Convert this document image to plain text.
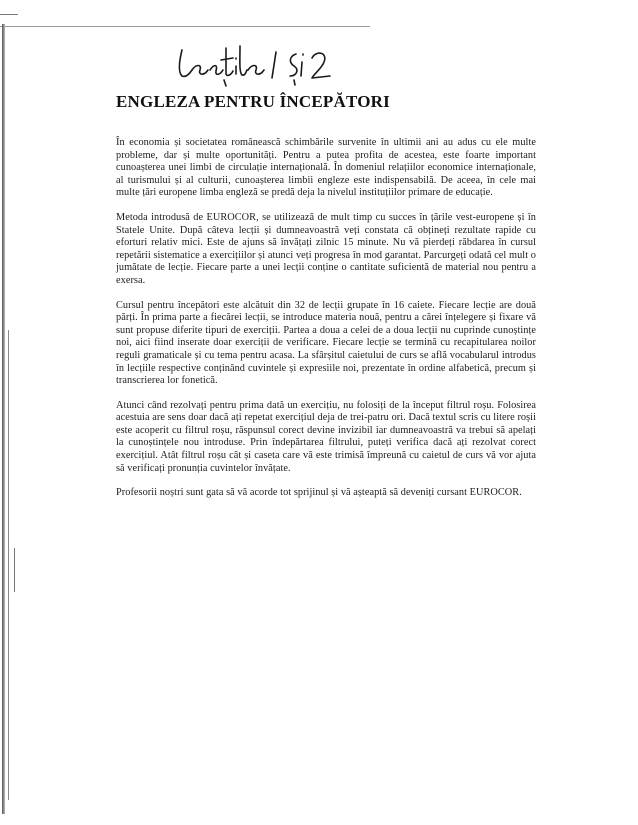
ENGLEZA PENTRU ÎNCEPĂTORI

În economia și societatea românească schimbările survenite în ultimii ani au adus cu ele multe probleme, dar și multe oportunități. Pentru a putea profita de acestea, este foarte important cunoașterea unei limbi de circulație internațională. În domeniul relațiilor economice internaționale, al turismului și al culturii, cunoașterea limbii engleze este indispensabilă. De aceea, în cele mai multe țări europene limba engleză se predă deja la nivelul instituțiilor primare de educație.

Metoda introdusă de EUROCOR, se utilizează de mult timp cu succes în țările vest-europene și în Statele Unite. După câteva lecții și dumneavoastră veți constata că obțineți rezultate rapide cu eforturi relativ mici. Este de ajuns să învățați zilnic 15 minute. Nu vă pierdeți răbdarea în cursul repetării sistematice a exercițiilor și atunci veți progresa în mod garantat. Parcurgeți odată cel mult o jumătate de lecție. Fiecare parte a unei lecții conține o cantitate suficientă de material nou pentru a exersa.

Cursul pentru începători este alcătuit din 32 de lecții grupate în 16 caiete. Fiecare lecție are două părți. În prima parte a fiecărei lecții, se introduce materia nouă, pentru a cărei înțelegere și fixare vă sunt propuse diferite tipuri de exerciții. Partea a doua a celei de a doua lecții nu cuprinde cunoștințe noi, aici fiind inserate doar exerciții de verificare. Fiecare lecție se termină cu recapitularea noilor reguli gramaticale și cu tema pentru acasa. La sfârșitul caietului de curs se află vocabularul introdus în lecțiile respective conținând cuvintele și expresiile noi, prezentate în ordine alfabetică, precum și transcrierea lor fonetică.

Atunci când rezolvați pentru prima dată un exercițiu, nu folosiți de la început filtrul roșu. Folosirea acestuia are sens doar dacă ați repetat exercițiul deja de trei-patru ori. Dacă textul scris cu litere roșii este acoperit cu filtrul roșu, răspunsul corect devine invizibil iar dumneavoastră va trebui să apelați la cunoștințele nou introduse. Prin îndepărtarea filtrului, puteți verifica dacă ați rezolvat corect exercițiul. Atât filtrul roșu cât și caseta care vă este trimisă împreună cu caietul de curs vă vor ajuta să verificați pronunția cuvintelor învățate.

Profesorii noștri sunt gata să vă acorde tot sprijinul și vă așteaptă să deveniți cursant EUROCOR.
